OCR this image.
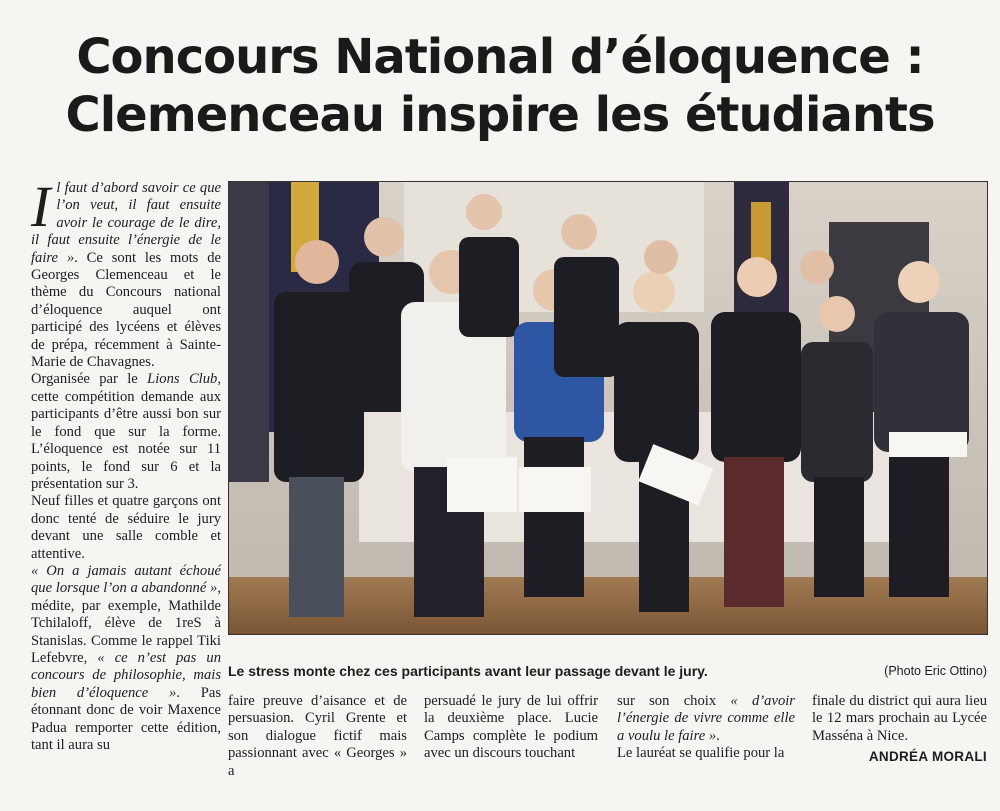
Concours National d’éloquence :
Clemenceau inspire les étudiants

Il faut d’abord savoir ce que l’on veut, il faut ensuite avoir le courage de le dire, il faut ensuite l’énergie de le faire ». Ce sont les mots de Georges Clemenceau et le thème du Concours national d’éloquence auquel ont participé des lycéens et élèves de prépa, récemment à Sainte-Marie de Chavagnes.

Organisée par le Lions Club, cette compétition demande aux participants d’être aussi bon sur le fond que sur la forme. L’éloquence est notée sur 11 points, le fond sur 6 et la présentation sur 3.

Neuf filles et quatre garçons ont donc tenté de séduire le jury devant une salle comble et attentive.

« On a jamais autant échoué que lorsque l’on a abandonné », médite, par exemple, Mathilde Tchilaloff, élève de 1reS à Stanislas. Comme le rappel Tiki Lefebvre, « ce n’est pas un concours de philosophie, mais bien d’éloquence ». Pas étonnant donc de voir Maxence Padua remporter cette édition, tant il aura su

Le stress monte chez ces participants avant leur passage devant le jury.	(Photo Eric Ottino)

faire preuve d’aisance et de persuasion. Cyril Grente et son dialogue fictif mais passionnant avec « Georges » a

persuadé le jury de lui offrir la deuxième place. Lucie Camps complète le podium avec un discours touchant

sur son choix « d’avoir l’énergie de vivre comme elle a voulu le faire ».

Le lauréat se qualifie pour la

finale du district qui aura lieu le 12 mars prochain au Lycée Masséna à Nice.

ANDRÉA MORALI
